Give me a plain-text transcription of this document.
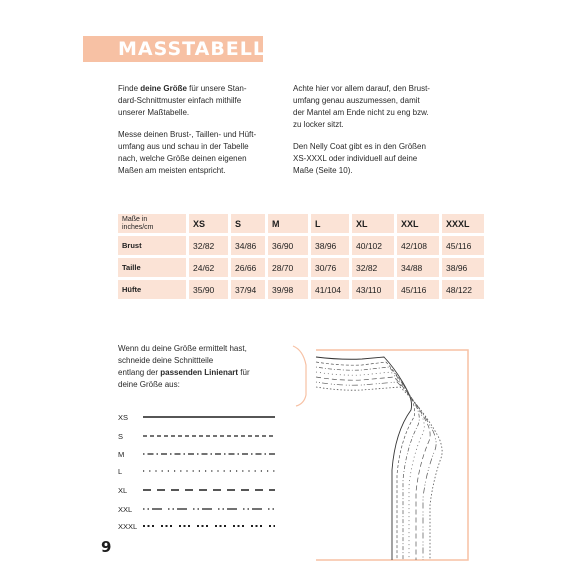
MASSTABELLE

Finde deine Größe für unsere Stan-
dard-Schnittmuster einfach mithilfe
unserer Maßtabelle.

Messe deinen Brust-, Taillen- und Hüft-
umfang aus und schau in der Tabelle
nach, welche Größe deinen eigenen
Maßen am meisten entspricht.

Achte hier vor allem darauf, den Brust-
umfang genau auszumessen, damit
der Mantel am Ende nicht zu eng bzw.
zu locker sitzt.

Den Nelly Coat gibt es in den Größen
XS-XXXL oder individuell auf deine
Maße (Seite 10).

Maße in
inches/cm	XS	S	M	L	XL	XXL	XXXL
Brust	32/82	34/86	36/90	38/96	40/102	42/108	45/116
Taille	24/62	26/66	28/70	30/76	32/82	34/88	38/96
Hüfte	35/90	37/94	39/98	41/104	43/110	45/116	48/122

Wenn du deine Größe ermittelt hast,
schneide deine Schnittteile
entlang der passenden Linienart für
deine Größe aus:

XS
S
M
L
XL
XXL
XXXL
9
